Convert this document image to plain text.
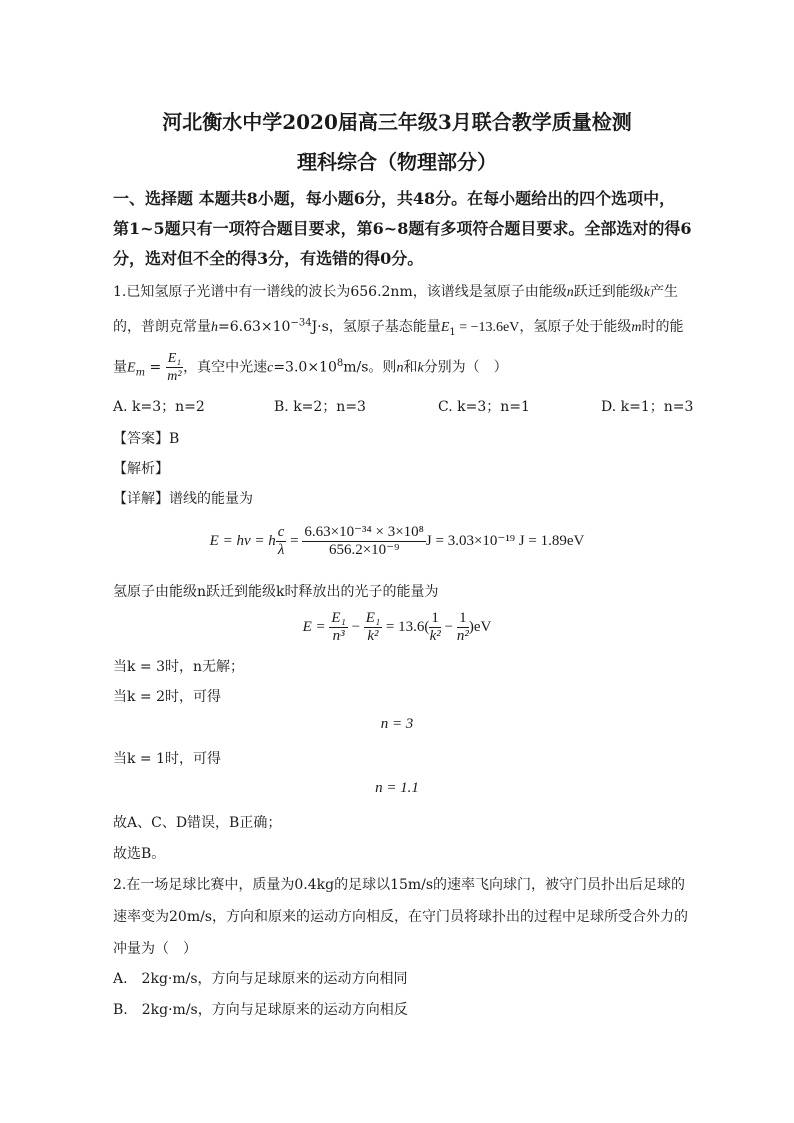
河北衡水中学2020届高三年级3月联合教学质量检测
理科综合（物理部分）
一、选择题 本题共8小题，每小题6分，共48分。在每小题给出的四个选项中，
第1~5题只有一项符合题目要求，第6~8题有多项符合题目要求。全部选对的得6
分，选对但不全的得3分，有选错的得0分。
1.已知氢原子光谱中有一谱线的波长为656.2nm，该谱线是氢原子由能级n跃迁到能级k产生
的，普朗克常量$h=6.63\times 10^{-34}J\cdot s$，氢原子基态能量$E_1 = -13.6eV$，氢原子处于能级m时的能
量$E_m = \frac{\text{E₁}}{\text{m²}}$ ，真空中光速$c=3.0\times 10^8m/s$。则n和k分别为（　）
A. k=3；n=2	B. k=2；n=3	C. k=3；n=1	D. k=1；n=3
【答案】B
【解析】
【详解】谱线的能量为
E = hν = h $\frac{c}{\lambda} = \frac{\text{6.63×10⁻³⁴ × 3×10⁸}}{\text{656.2×10⁻⁹}}$ J = 3.03×10⁻¹⁹ J = 1.89eV
氢原子由能级n跃迁到能级k时释放出的光子的能量为
$E = \frac{\text{E₁}}{\text{n³}} - \frac{\text{E₁}}{\text{k²}} = 13.6( \frac{1}{\text{k²}} - \frac{1}{\text{n²}} )eV$
当k = 3时，n无解；
当k = 2时，可得
n = 3
当k = 1时，可得
n = 1.1
故A、C、D错误，B正确；
故选B。
2.在一场足球比赛中，质量为0.4kg的足球以15m/s的速率飞向球门，被守门员扑出后足球的
速率变为20m/s，方向和原来的运动方向相反，在守门员将球扑出的过程中足球所受合外力的
冲量为（　）
A.　2kg·m/s，方向与足球原来的运动方向相同
B.　2kg·m/s，方向与足球原来的运动方向相反
